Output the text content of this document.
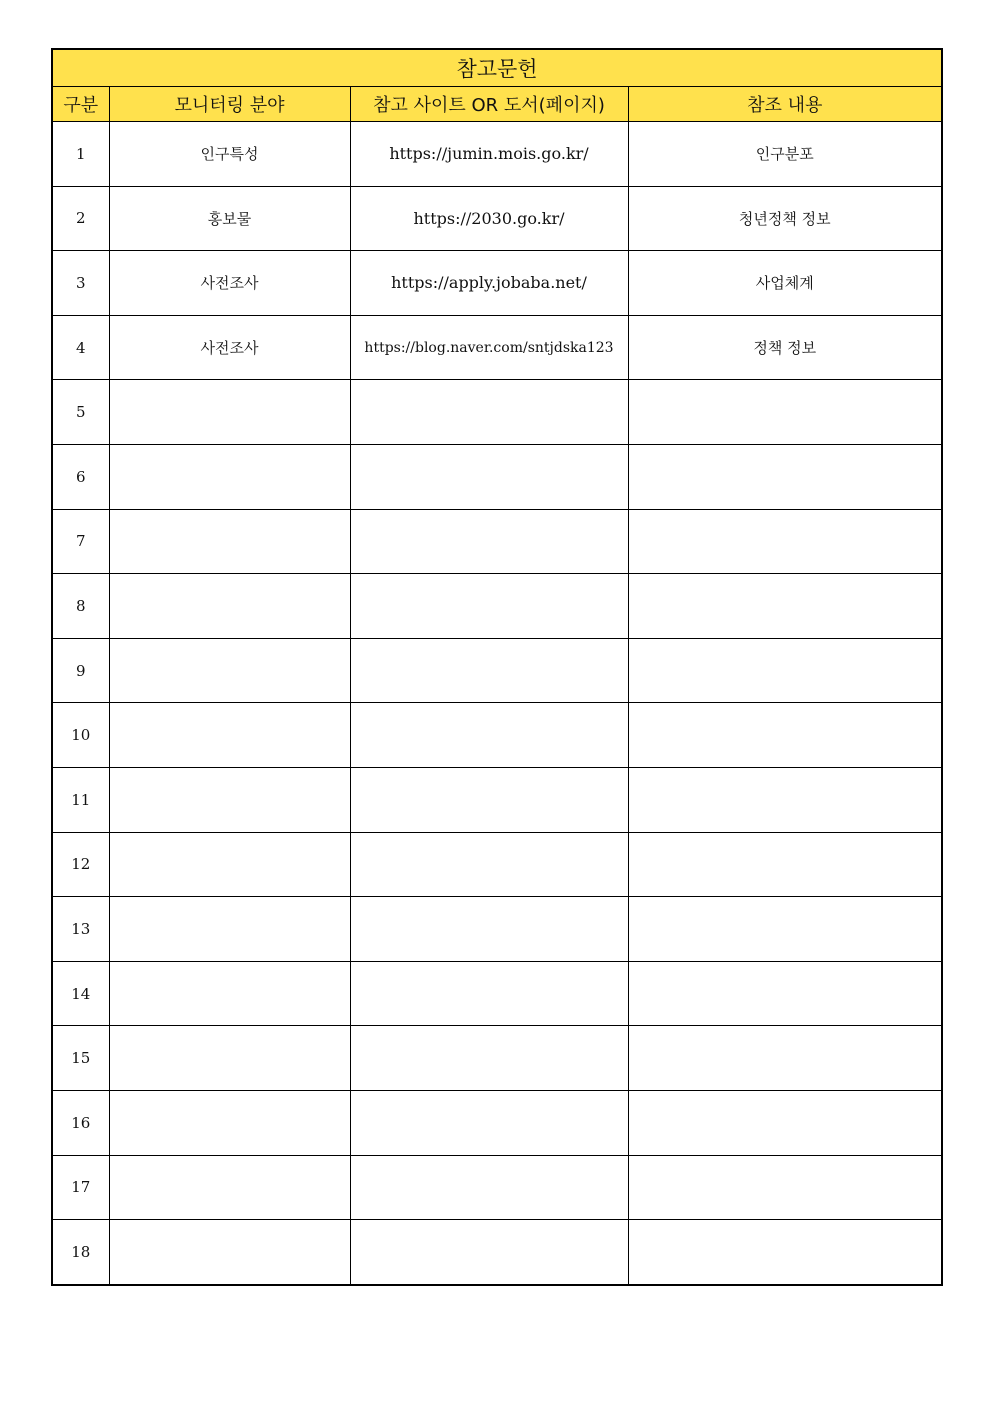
참고문헌			
구분	모니터링 분야	참고 사이트 OR 도서(페이지)	참조 내용
1	인구특성	https://jumin.mois.go.kr/	인구분포
2	홍보물	https://2030.go.kr/	청년정책 정보
3	사전조사	https://apply.jobaba.net/	사업체계
4	사전조사	https://blog.naver.com/sntjdska123	정책 정보
5			
6			
7			
8			
9			
10			
11			
12			
13			
14			
15			
16			
17			
18			
